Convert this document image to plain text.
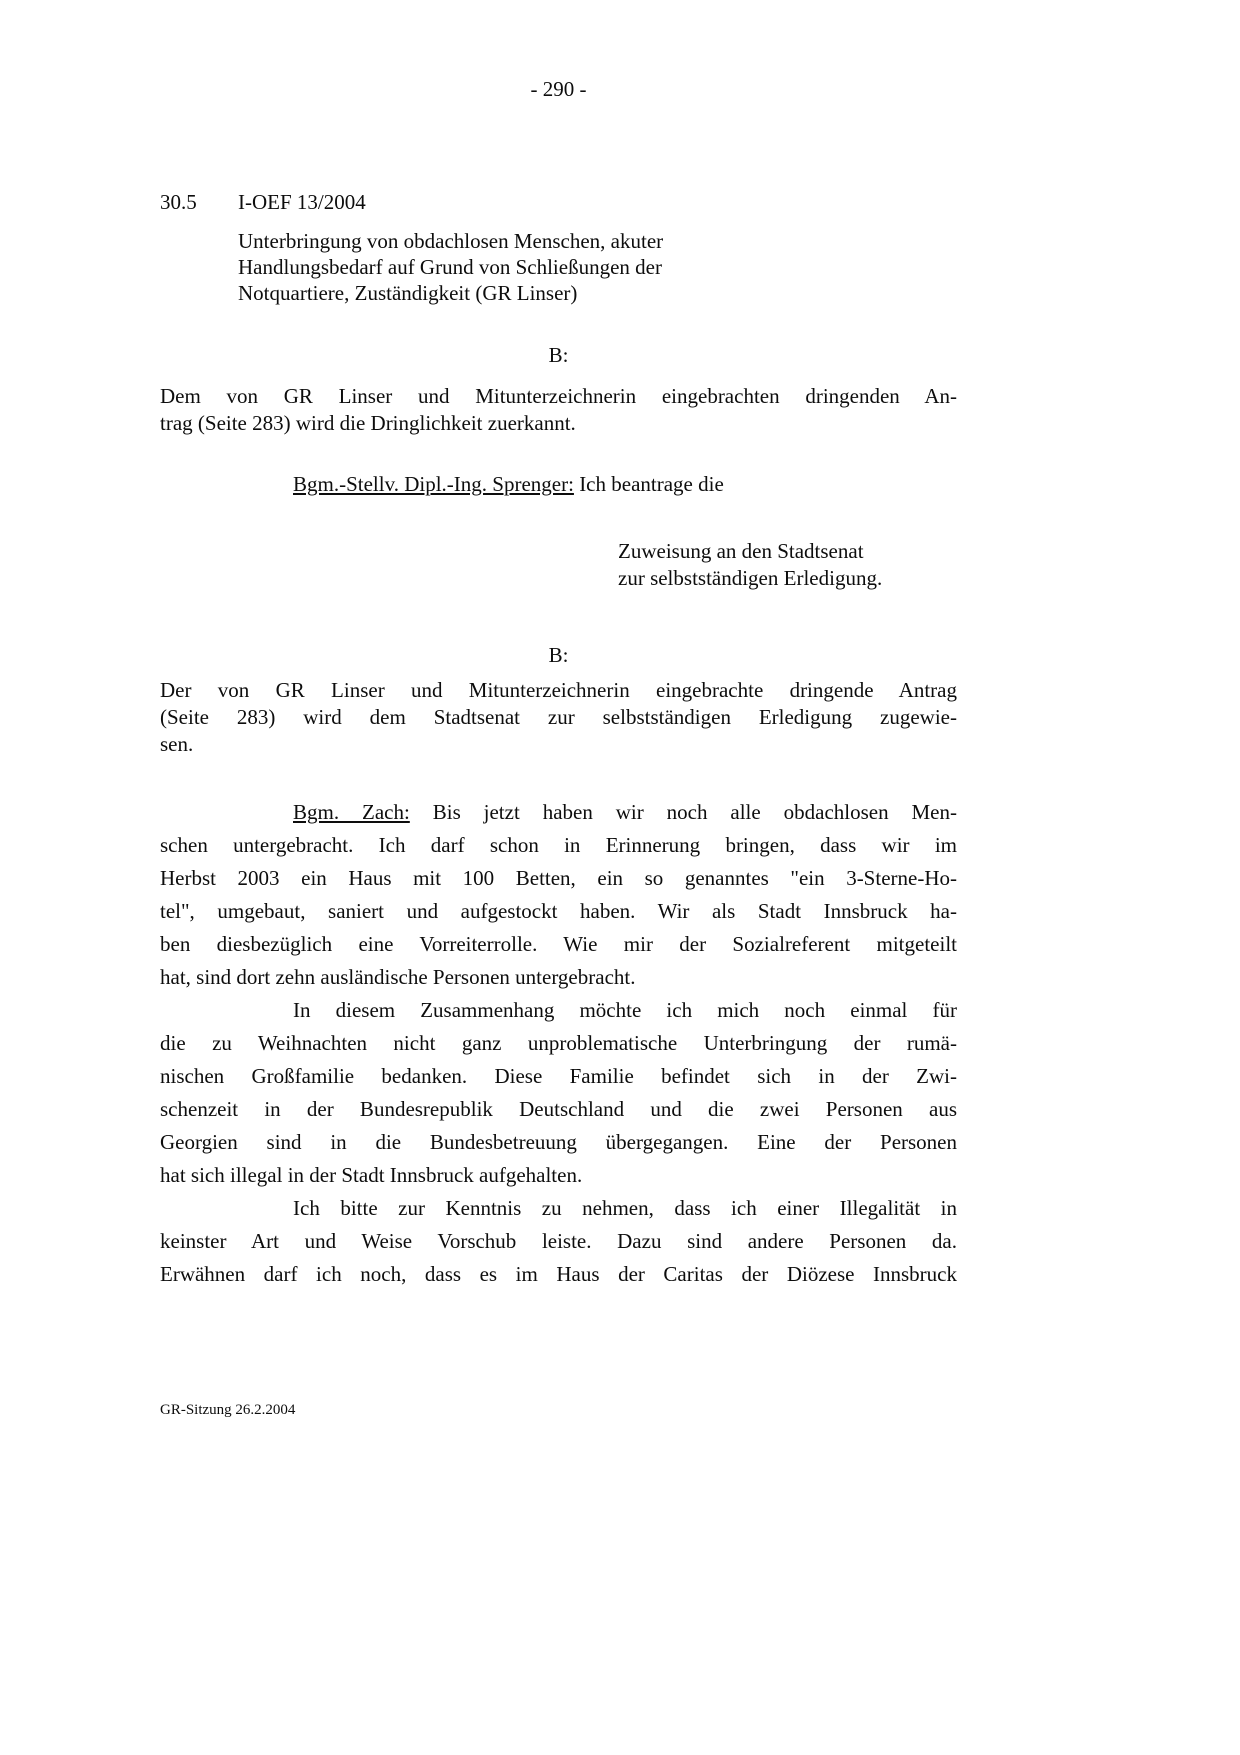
- 290 -
30.5 I-OEF 13/2004
Unterbringung von obdachlosen Menschen, akuter
Handlungsbedarf auf Grund von Schließungen der
Notquartiere, Zuständigkeit (GR Linser)
B:
Dem von GR Linser und Mitunterzeichnerin eingebrachten dringenden An-
trag (Seite 283) wird die Dringlichkeit zuerkannt.
Bgm.-Stellv. Dipl.-Ing. Sprenger: Ich beantrage die
Zuweisung an den Stadtsenat
zur selbstständigen Erledigung.
B:
Der von GR Linser und Mitunterzeichnerin eingebrachte dringende Antrag
(Seite 283) wird dem Stadtsenat zur selbstständigen Erledigung zugewie-
sen.
Bgm. Zach: Bis jetzt haben wir noch alle obdachlosen Men-
schen untergebracht. Ich darf schon in Erinnerung bringen, dass wir im
Herbst 2003 ein Haus mit 100 Betten, ein so genanntes "ein 3-Sterne-Ho-
tel", umgebaut, saniert und aufgestockt haben. Wir als Stadt Innsbruck ha-
ben diesbezüglich eine Vorreiterrolle. Wie mir der Sozialreferent mitgeteilt
hat, sind dort zehn ausländische Personen untergebracht.
In diesem Zusammenhang möchte ich mich noch einmal für
die zu Weihnachten nicht ganz unproblematische Unterbringung der rumä-
nischen Großfamilie bedanken. Diese Familie befindet sich in der Zwi-
schenzeit in der Bundesrepublik Deutschland und die zwei Personen aus
Georgien sind in die Bundesbetreuung übergegangen. Eine der Personen
hat sich illegal in der Stadt Innsbruck aufgehalten.
Ich bitte zur Kenntnis zu nehmen, dass ich einer Illegalität in
keinster Art und Weise Vorschub leiste. Dazu sind andere Personen da.
Erwähnen darf ich noch, dass es im Haus der Caritas der Diözese Innsbruck
GR-Sitzung 26.2.2004
